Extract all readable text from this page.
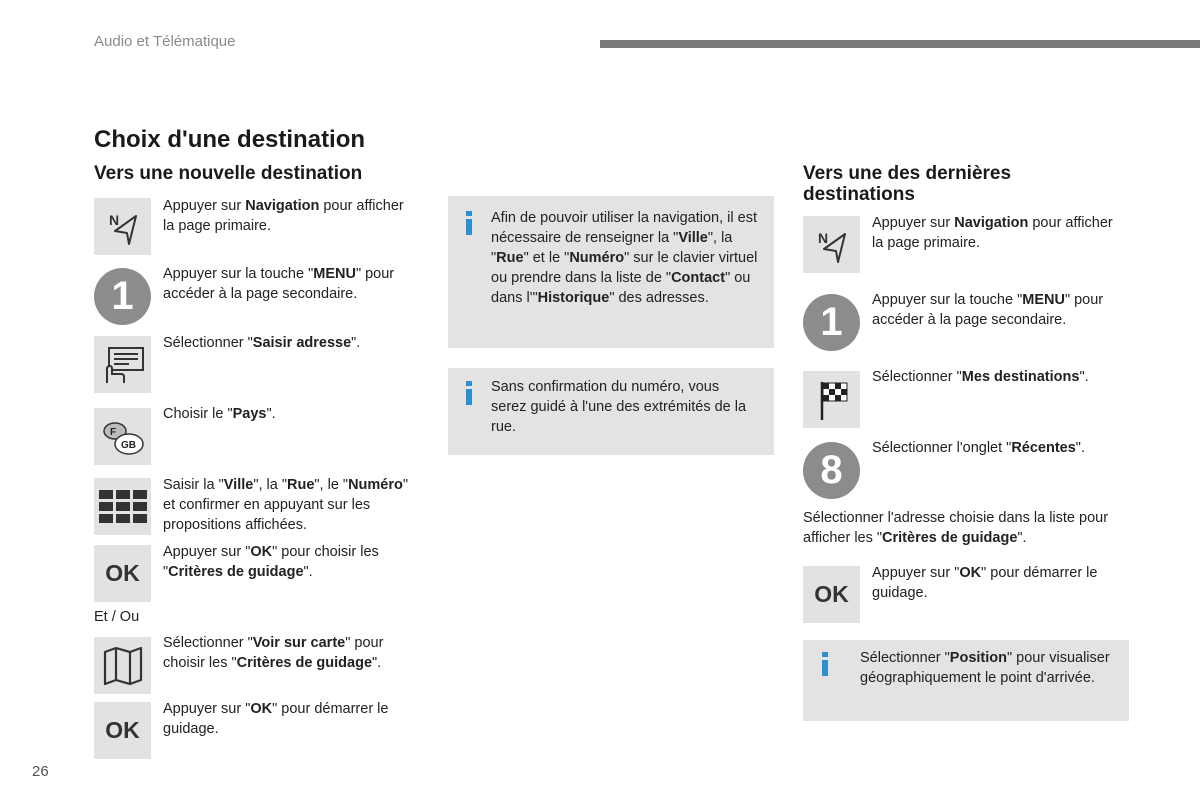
Audio et Télématique
Choix d'une destination
Vers une nouvelle destination
N
Appuyer sur Navigation pour afficher la page primaire.
1	Appuyer sur la touche "MENU" pour accéder à la page secondaire.
Sélectionner "Saisir adresse".
F
GB
Choisir le "Pays".
Saisir la "Ville", la "Rue", le "Numéro" et confirmer en appuyant sur les propositions affichées.
OK
Appuyer sur "OK" pour choisir les "Critères de guidage".
Et / Ou
Sélectionner "Voir sur carte" pour choisir les "Critères de guidage".
OK
Appuyer sur "OK" pour démarrer le guidage.
Afin de pouvoir utiliser la navigation, il est nécessaire de renseigner la "Ville", la "Rue" et le "Numéro" sur le clavier virtuel ou prendre dans la liste de "Contact" ou dans l'"Historique" des adresses.
Sans confirmation du numéro, vous serez guidé à l'une des extrémités de la rue.
Vers une des dernières
destinations
N
Appuyer sur Navigation pour afficher la page primaire.
1	Appuyer sur la touche "MENU" pour accéder à la page secondaire.
Sélectionner "Mes destinations".
8	Sélectionner l'onglet "Récentes".
Sélectionner l'adresse choisie dans la liste pour afficher les "Critères de guidage".
OK
Appuyer sur "OK" pour démarrer le guidage.
Sélectionner "Position" pour visualiser géographiquement le point d'arrivée.
26
